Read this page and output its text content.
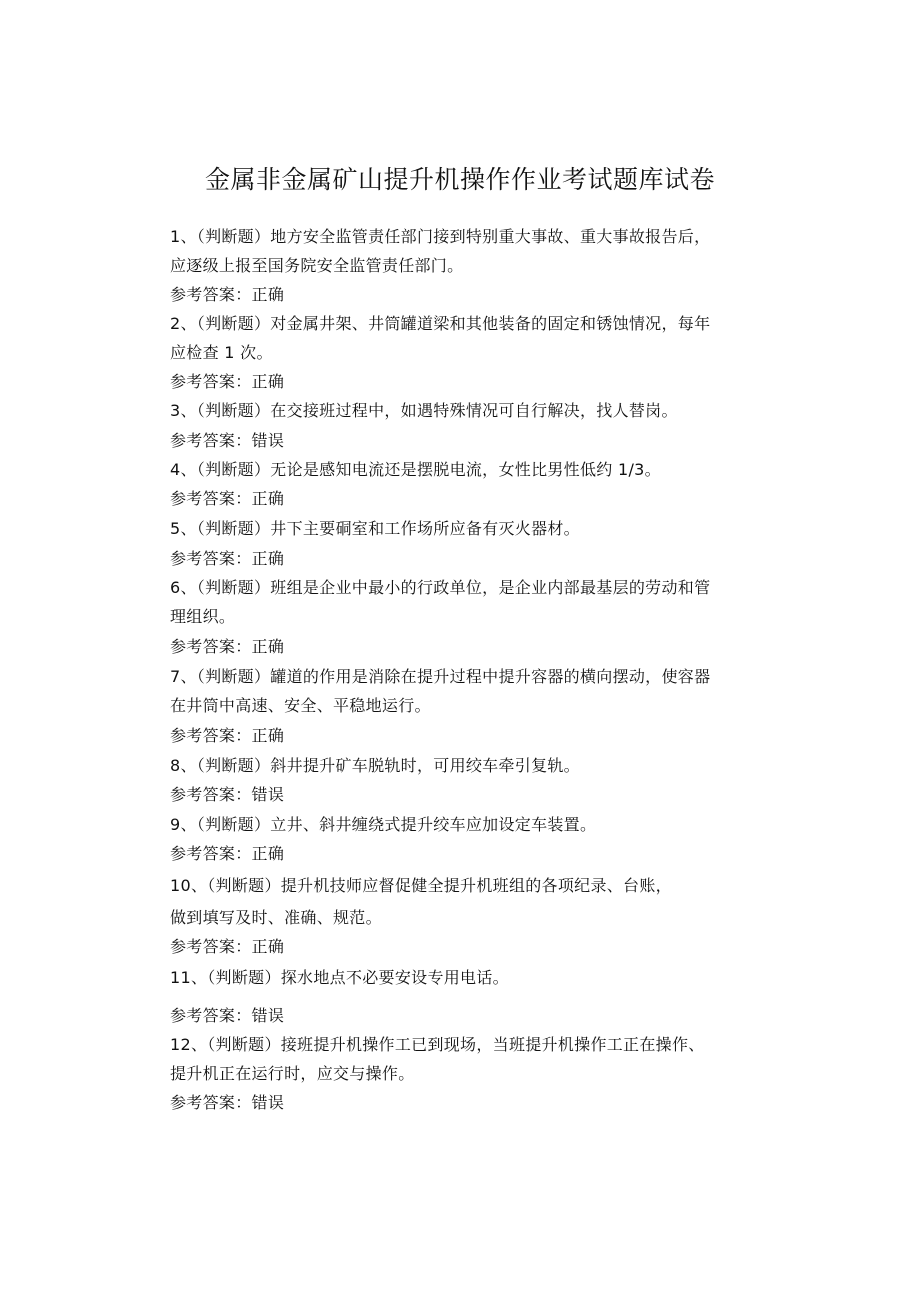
金属非金属矿山提升机操作作业考试题库试卷
1、（判断题）地方安全监管责任部门接到特别重大事故、重大事故报告后，
应逐级上报至国务院安全监管责任部门。
参考答案：正确
2、（判断题）对金属井架、井筒罐道梁和其他装备的固定和锈蚀情况，每年
应检查 1 次。
参考答案：正确
3、（判断题）在交接班过程中，如遇特殊情况可自行解决，找人替岗。
参考答案：错误
4、（判断题）无论是感知电流还是摆脱电流，女性比男性低约 1/3。
参考答案：正确
5、（判断题）井下主要硐室和工作场所应备有灭火器材。
参考答案：正确
6、（判断题）班组是企业中最小的行政单位，是企业内部最基层的劳动和管
理组织。
参考答案：正确
7、（判断题）罐道的作用是消除在提升过程中提升容器的横向摆动，使容器
在井筒中高速、安全、平稳地运行。
参考答案：正确
8、（判断题）斜井提升矿车脱轨时，可用绞车牵引复轨。
参考答案：错误
9、（判断题）立井、斜井缠绕式提升绞车应加设定车装置。
参考答案：正确
10、（判断题）提升机技师应督促健全提升机班组的各项纪录、台账，
做到填写及时、准确、规范。
参考答案：正确
11、（判断题）探水地点不必要安设专用电话。
参考答案：错误
12、（判断题）接班提升机操作工已到现场，当班提升机操作工正在操作、
提升机正在运行时，应交与操作。
参考答案：错误
